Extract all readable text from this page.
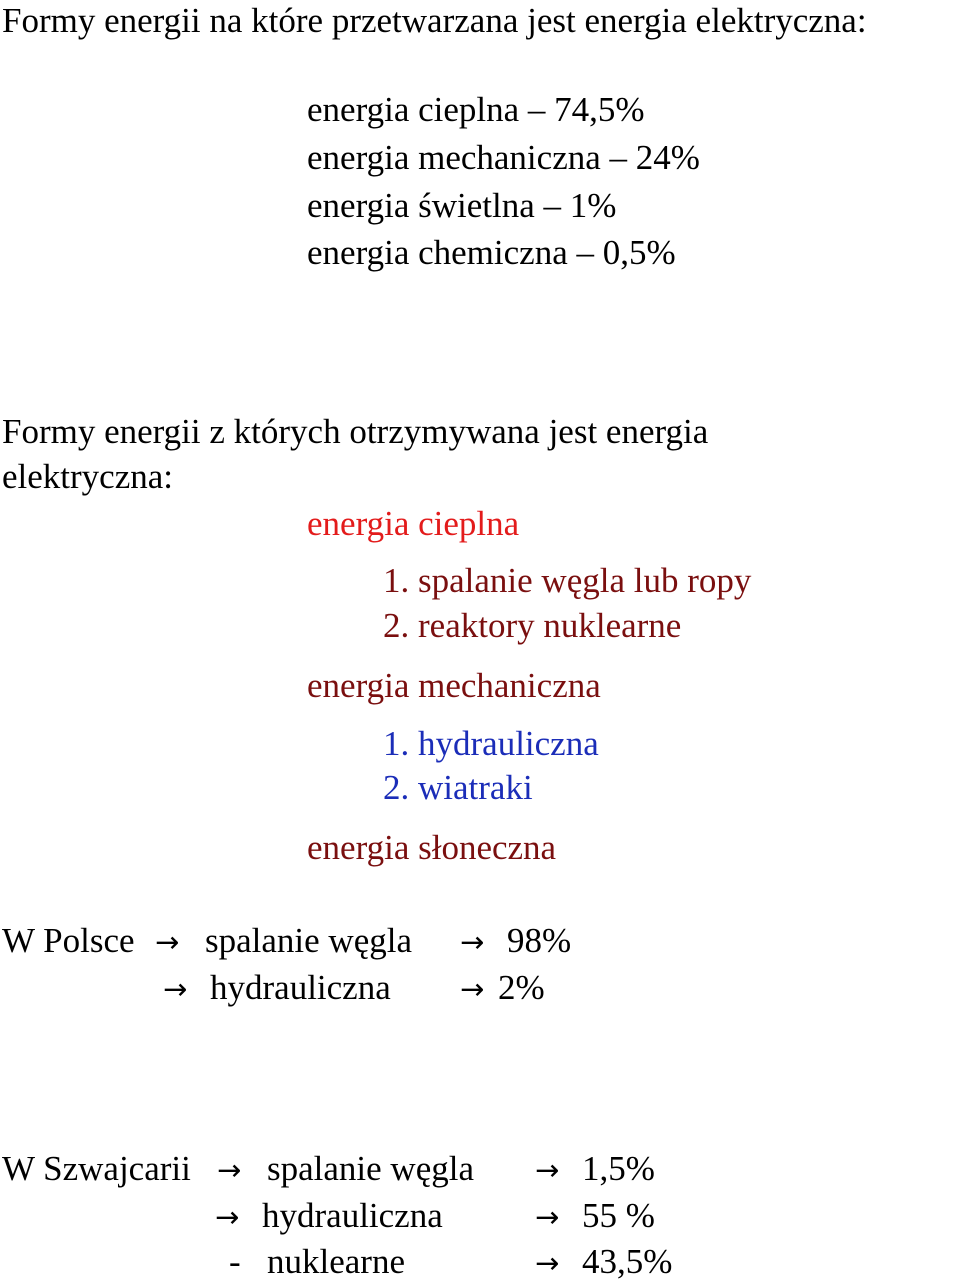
Formy energii na które przetwarzana jest energia elektryczna:

energia cieplna – 74,5%

energia mechaniczna – 24%

energia świetlna – 1%

energia chemiczna – 0,5%

Formy energii z których otrzymywana jest energia

elektryczna:

energia cieplna

1. spalanie węgla lub ropy

2. reaktory nuklearne

energia mechaniczna

1. hydrauliczna

2. wiatraki

energia słoneczna

W Polsce → spalanie węgla → 98%

→ hydrauliczna → 2%

W Szwajcarii → spalanie węgla → 1,5%

→ hydrauliczna	→ 55 %

- nuklearne	→ 43,5%
